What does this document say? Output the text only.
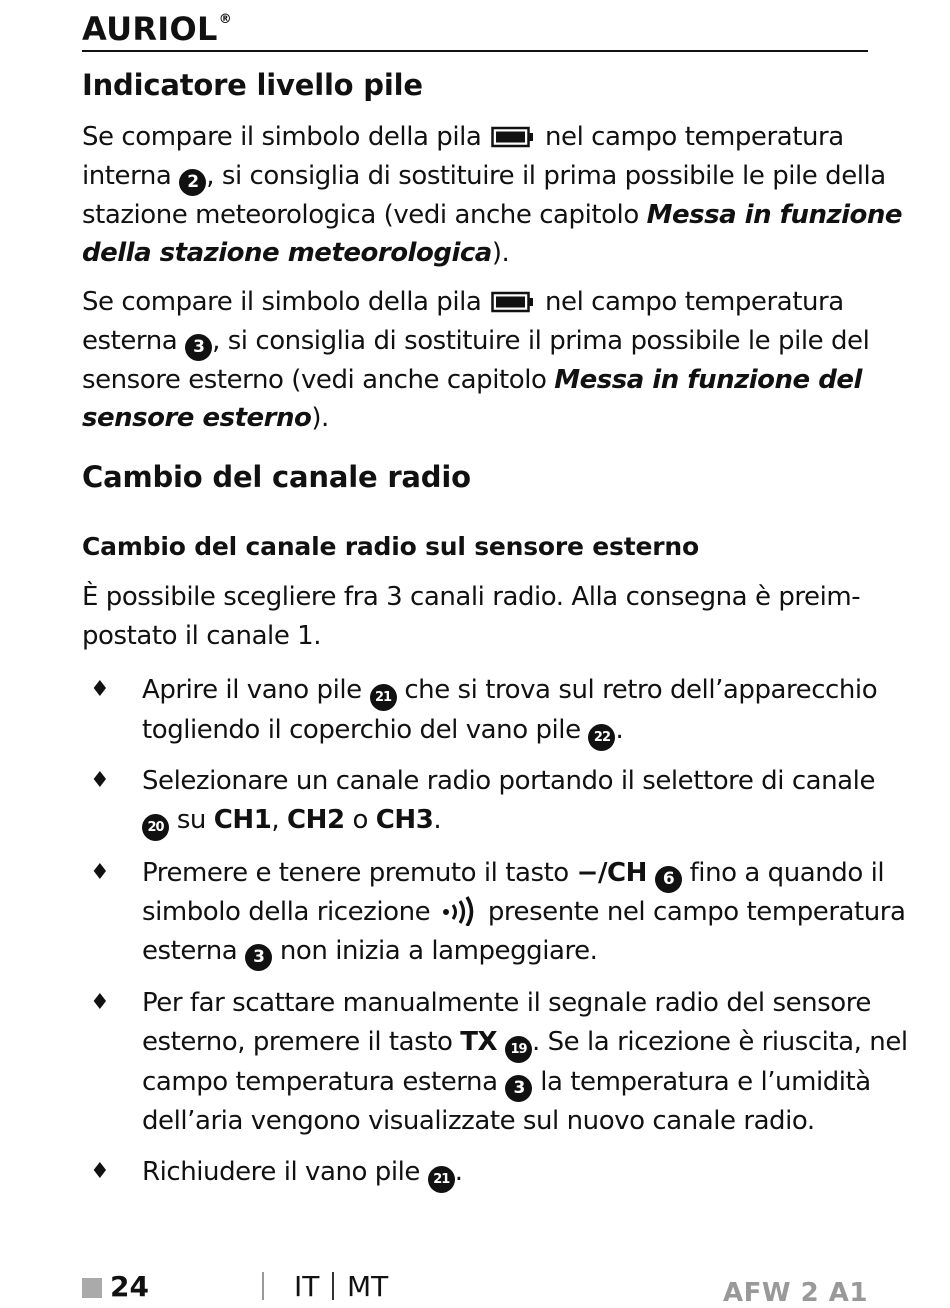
AURIOL®
Indicatore livello pile
Se compare il simbolo della pila nel campo temperatura
interna 2 , si consiglia di sostituire il prima possibile le pile della
stazione meteorologica (vedi anche capitolo Messa in funzione
della stazione meteorologica).
Se compare il simbolo della pila nel campo temperatura
esterna 3 , si consiglia di sostituire il prima possibile le pile del
sensore esterno (vedi anche capitolo Messa in funzione del
sensore esterno).
Cambio del canale radio
Cambio del canale radio sul sensore esterno
È possibile scegliere fra 3 canali radio. Alla consegna è preim-
postato il canale 1.
♦ Aprire il vano pile 21 che si trova sul retro dell’apparecchio
togliendo il coperchio del vano pile 22 .
♦ Selezionare un canale radio portando il selettore di canale
20 su CH1, CH2 o CH3.
♦ Premere e tenere premuto il tasto −/CH 6 fino a quando il
simbolo della ricezione presente nel campo temperatura
esterna 3 non inizia a lampeggiare.
♦ Per far scattare manualmente il segnale radio del sensore
esterno, premere il tasto TX 19 . Se la ricezione è riuscita, nel
campo temperatura esterna 3 la temperatura e l’umidità
dell’aria vengono visualizzate sul nuovo canale radio.
♦ Richiudere il vano pile 21 .
24	IT MT	AFW 2 A1
